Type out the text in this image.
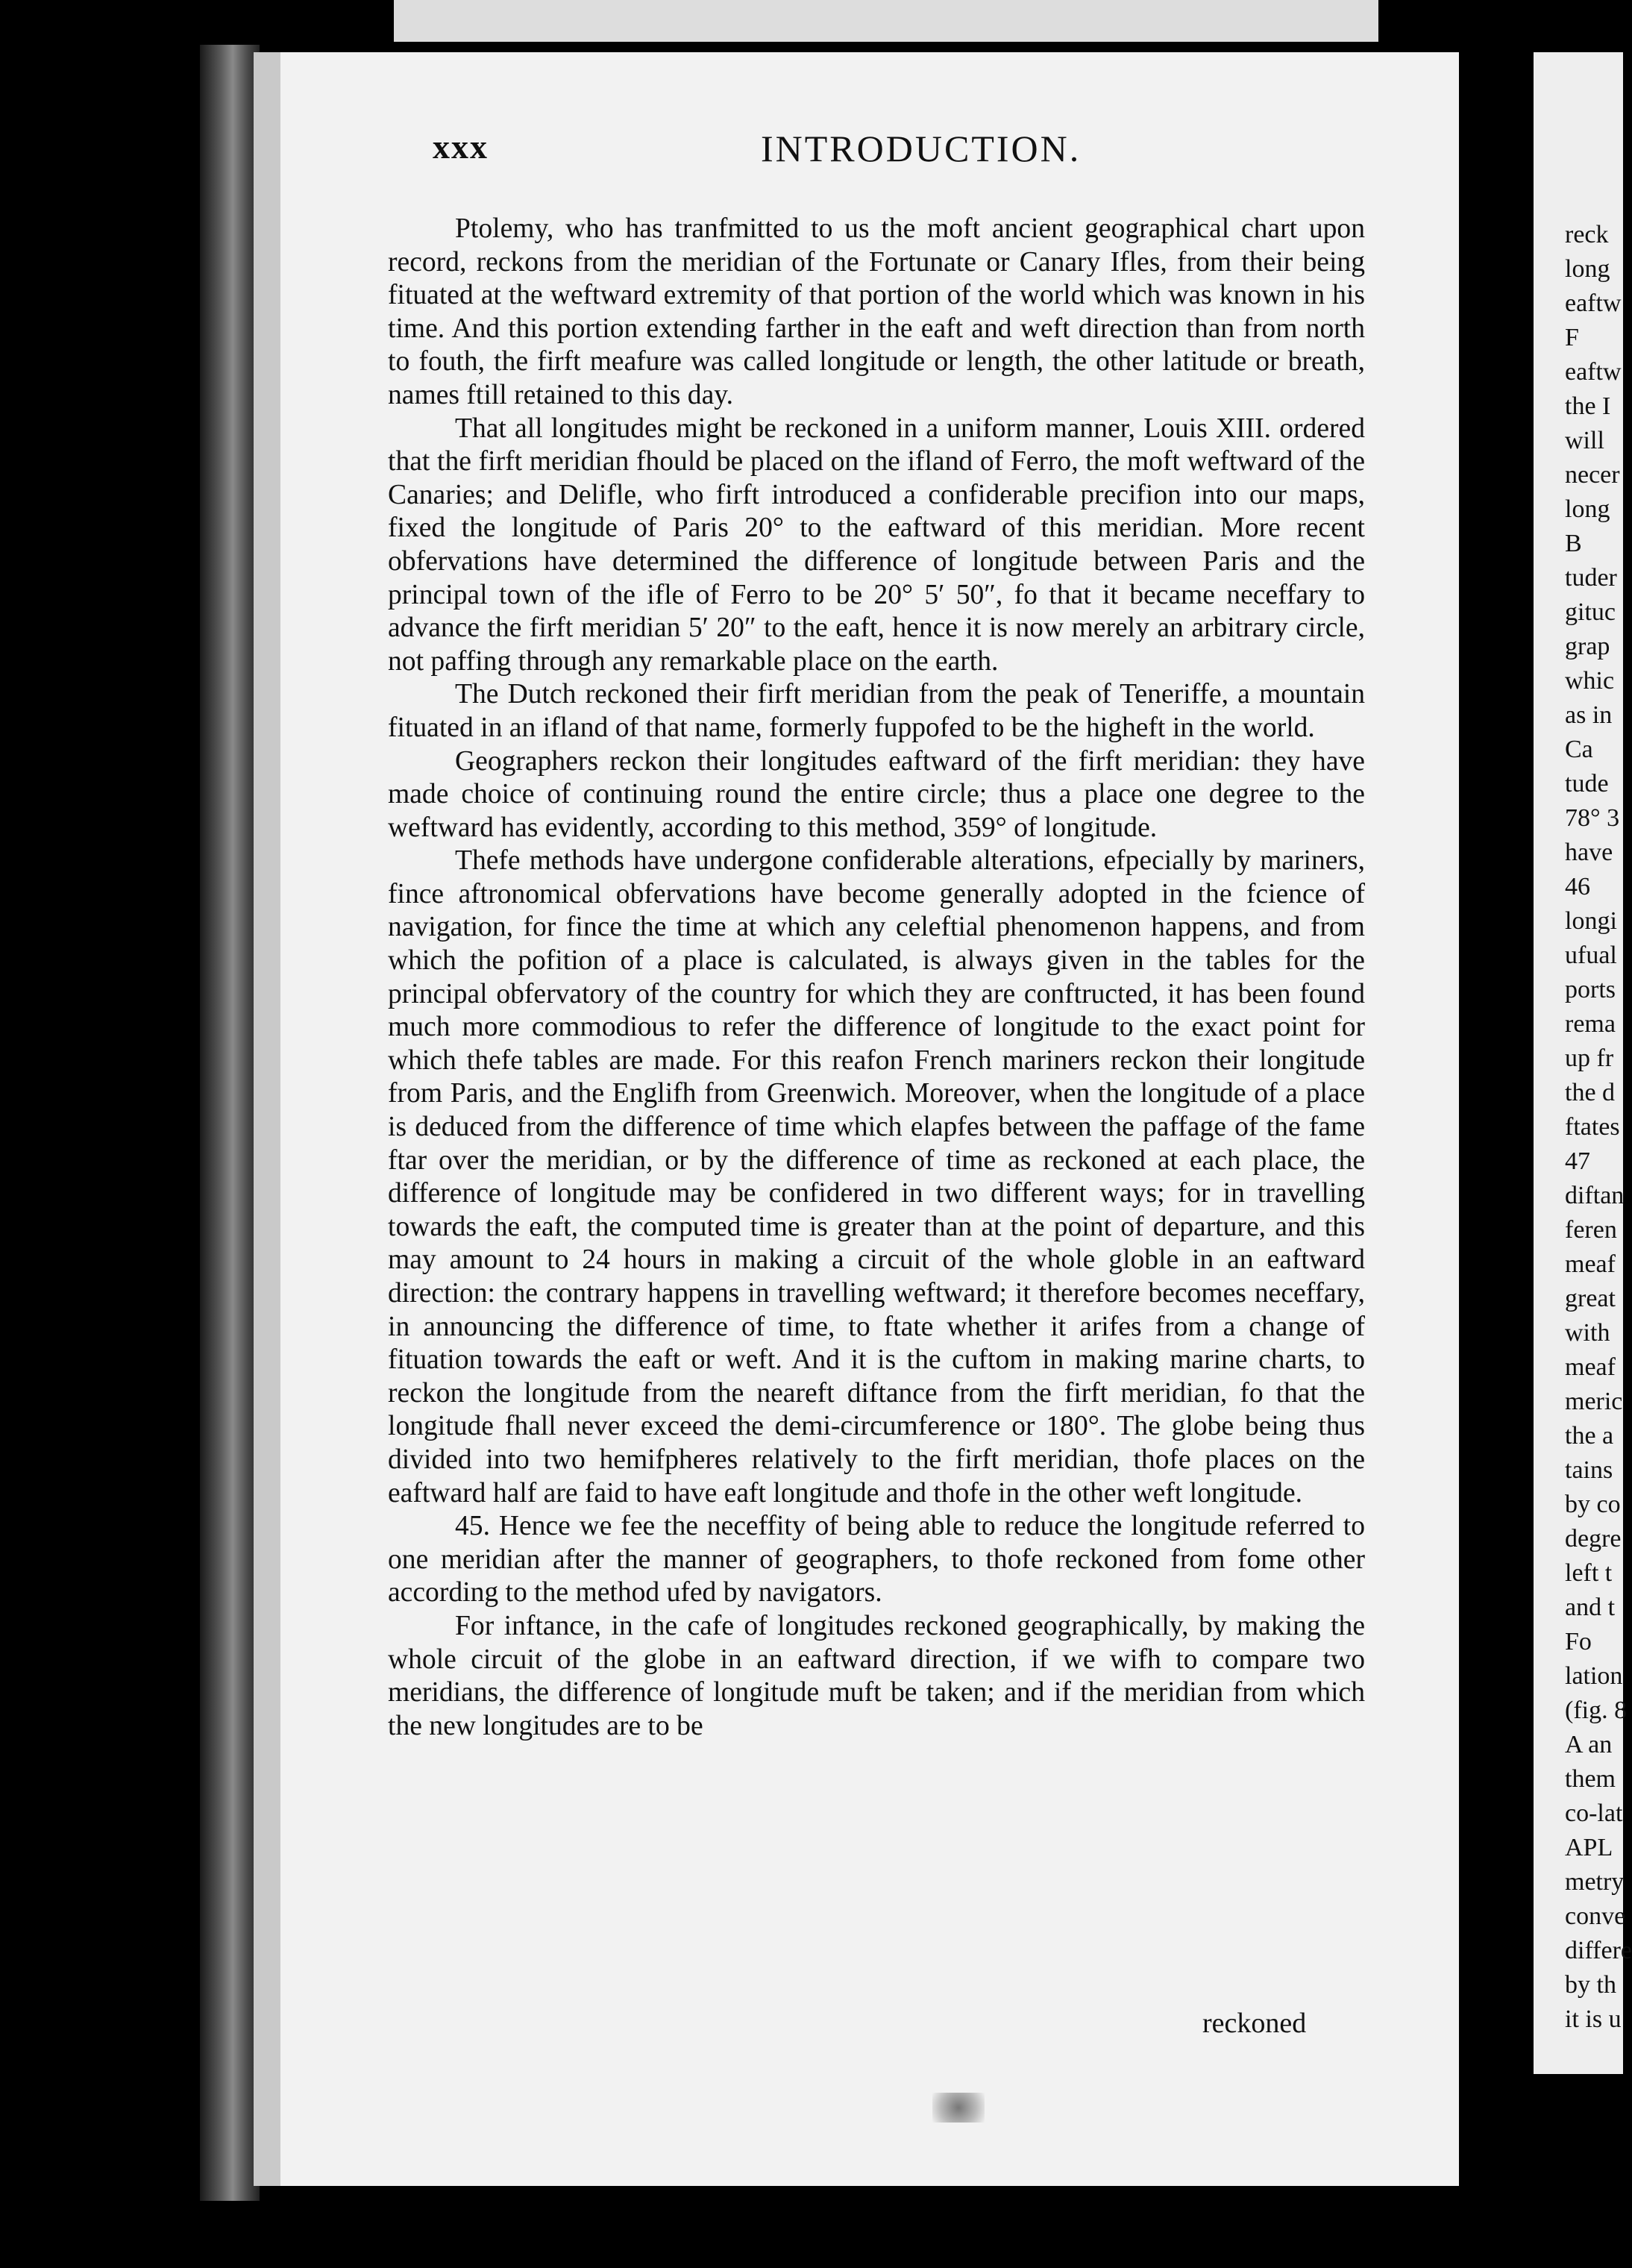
reck
long
eaftw
F
eaftw
the I
will
necer
long
B
tuder
gituc
grap
whic
as in
Ca
tude
78° 3
have
46
longi
ufual
ports
rema
up fr
the d
ftates
47
diftan
feren
meaf
great
with
meaf
meric
the a
tains
by co
degre
left t
and t
Fo
lation
(fig. 8
A an
them
co-lat
APL
metry
conve
differe
by th
it is u
xxx	INTRODUCTION.

Ptolemy, who has tranfmitted to us the moft ancient geographical chart upon record, reckons from the meridian of the Fortunate or Canary Ifles, from their being fituated at the weftward extremity of that portion of the world which was known in his time. And this portion extending farther in the eaft and weft direction than from north to fouth, the firft meafure was called longitude or length, the other latitude or breath, names ftill retained to this day.

That all longitudes might be reckoned in a uniform manner, Louis XIII. ordered that the firft meridian fhould be placed on the ifland of Ferro, the moft weftward of the Canaries; and Delifle, who firft introduced a confiderable precifion into our maps, fixed the longitude of Paris 20° to the eaftward of this meridian. More recent obfervations have determined the difference of longitude between Paris and the principal town of the ifle of Ferro to be 20° 5′ 50″, fo that it became neceffary to advance the firft meridian 5′ 20″ to the eaft, hence it is now merely an arbitrary circle, not paffing through any remarkable place on the earth.

The Dutch reckoned their firft meridian from the peak of Teneriffe, a mountain fituated in an ifland of that name, formerly fuppofed to be the higheft in the world.

Geographers reckon their longitudes eaftward of the firft meridian: they have made choice of continuing round the entire circle; thus a place one degree to the weftward has evidently, according to this method, 359° of longitude.

Thefe methods have undergone confiderable alterations, efpecially by mariners, fince aftronomical obfervations have become generally adopted in the fcience of navigation, for fince the time at which any celeftial phenomenon happens, and from which the pofition of a place is calculated, is always given in the tables for the principal obfervatory of the country for which they are conftructed, it has been found much more commodious to refer the difference of longitude to the exact point for which thefe tables are made. For this reafon French mariners reckon their longitude from Paris, and the Englifh from Greenwich. Moreover, when the longitude of a place is deduced from the difference of time which elapfes between the paffage of the fame ftar over the meridian, or by the difference of time as reckoned at each place, the difference of longitude may be confidered in two different ways; for in travelling towards the eaft, the computed time is greater than at the point of departure, and this may amount to 24 hours in making a circuit of the whole globle in an eaftward direction: the contrary happens in travelling weftward; it therefore becomes neceffary, in announcing the difference of time, to ftate whether it arifes from a change of fituation towards the eaft or weft. And it is the cuftom in making marine charts, to reckon the longitude from the neareft diftance from the firft meridian, fo that the longitude fhall never exceed the demi-circumference or 180°. The globe being thus divided into two hemifpheres relatively to the firft meridian, thofe places on the eaftward half are faid to have eaft longitude and thofe in the other weft longitude.

45. Hence we fee the neceffity of being able to reduce the longitude referred to one meridian after the manner of geographers, to thofe reckoned from fome other according to the method ufed by navigators.

For inftance, in the cafe of longitudes reckoned geographically, by making the whole circuit of the globe in an eaftward direction, if we wifh to compare two meridians, the difference of longitude muft be taken; and if the meridian from which the new longitudes are to be

reckoned
